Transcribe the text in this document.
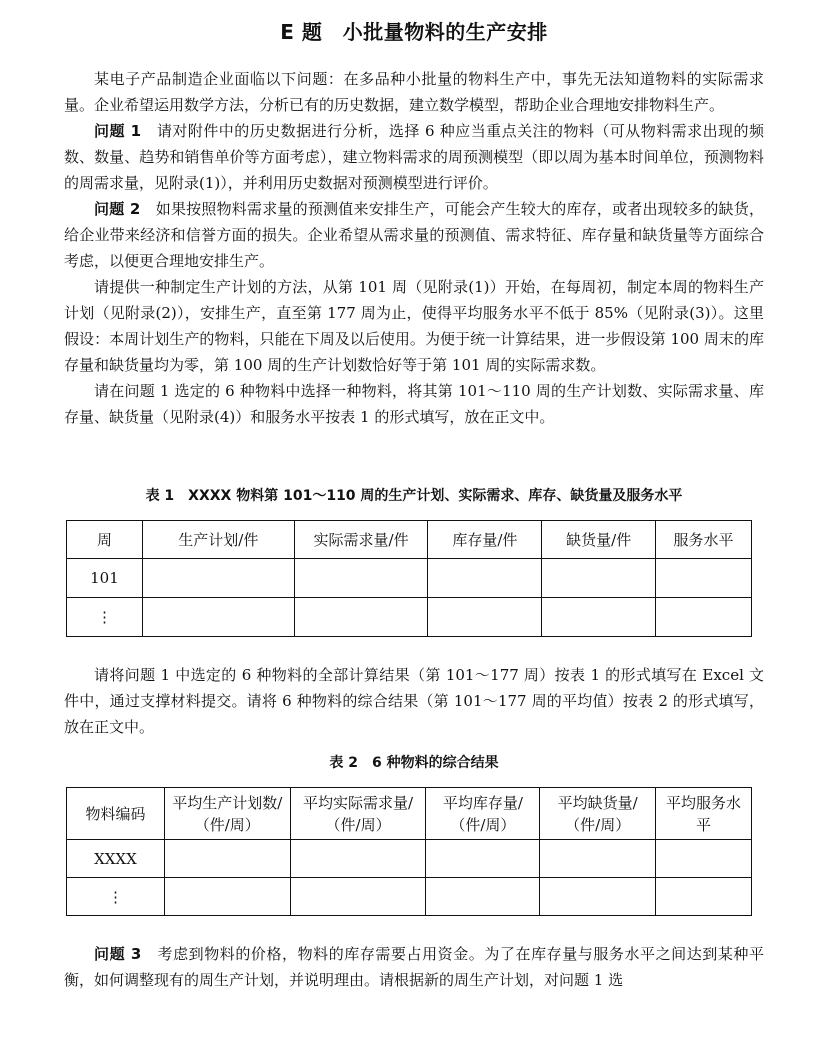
E 题　小批量物料的生产安排

某电子产品制造企业面临以下问题：在多品种小批量的物料生产中，事先无法知道物料的实际需求量。企业希望运用数学方法，分析已有的历史数据，建立数学模型，帮助企业合理地安排物料生产。

问题 1　 请对附件中的历史数据进行分析，选择 6 种应当重点关注的物料（可从物料需求出现的频数、数量、趋势和销售单价等方面考虑），建立物料需求的周预测模型（即以周为基本时间单位，预测物料的周需求量，见附录(1)），并利用历史数据对预测模型进行评价。

问题 2　 如果按照物料需求量的预测值来安排生产，可能会产生较大的库存，或者出现较多的缺货，给企业带来经济和信誉方面的损失。企业希望从需求量的预测值、需求特征、库存量和缺货量等方面综合考虑，以便更合理地安排生产。

请提供一种制定生产计划的方法，从第 101 周（见附录(1)）开始，在每周初，制定本周的物料生产计划（见附录(2)），安排生产，直至第 177 周为止，使得平均服务水平不低于 85%（见附录(3)）。这里假设：本周计划生产的物料，只能在下周及以后使用。为便于统一计算结果，进一步假设第 100 周末的库存量和缺货量均为零，第 100 周的生产计划数恰好等于第 101 周的实际需求数。

请在问题 1 选定的 6 种物料中选择一种物料，将其第 101～110 周的生产计划数、实际需求量、库存量、缺货量（见附录(4)）和服务水平按表 1 的形式填写，放在正文中。

表 1　XXXX 物料第 101～110 周的生产计划、实际需求、库存、缺货量及服务水平
周	生产计划/件	实际需求量/件	库存量/件	缺货量/件	服务水平
101					
⋮					

请将问题 1 中选定的 6 种物料的全部计算结果（第 101～177 周）按表 1 的形式填写在 Excel 文件中，通过支撑材料提交。请将 6 种物料的综合结果（第 101～177 周的平均值）按表 2 的形式填写，放在正文中。

表 2　6 种物料的综合结果
物料编码	平均生产计划数/（件/周）	平均实际需求量/（件/周）	平均库存量/（件/周）	平均缺货量/（件/周）	平均服务水平
XXXX					
⋮					

问题 3　 考虑到物料的价格，物料的库存需要占用资金。为了在库存量与服务水平之间达到某种平衡，如何调整现有的周生产计划，并说明理由。请根据新的周生产计划，对问题 1 选
